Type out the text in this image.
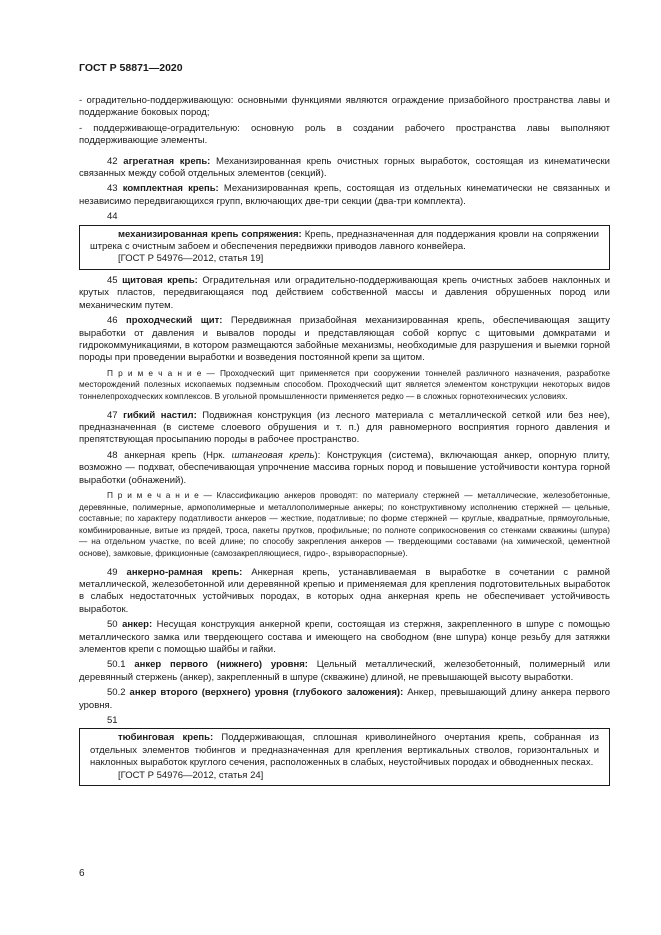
ГОСТ Р 58871—2020

- оградительно-поддерживающую: основными функциями являются ограждение призабойного пространства лавы и поддержание боковых пород;

- поддерживающе-оградительную: основную роль в создании рабочего пространства лавы выполняют поддерживающие элементы.

42 агрегатная крепь: Механизированная крепь очистных горных выработок, состоящая из кинематически связанных между собой отдельных элементов (секций).

43 комплектная крепь: Механизированная крепь, состоящая из отдельных кинематически не связанных и независимо передвигающихся групп, включающих две-три секции (два-три комплекта).

44

механизированная крепь сопряжения: Крепь, предназначенная для поддержания кровли на сопряжении штрека с очистным забоем и обеспечения передвижки приводов лавного конвейера.

[ГОСТ Р 54976—2012, статья 19]

45 щитовая крепь: Оградительная или оградительно-поддерживающая крепь очистных забоев наклонных и крутых пластов, передвигающаяся под действием собственной массы и давления обрушенных пород или механическим путем.

46 проходческий щит: Передвижная призабойная механизированная крепь, обеспечивающая защиту выработки от давления и вывалов породы и представляющая собой корпус с щитовыми домкратами и гидрокоммуникациями, в котором размещаются забойные механизмы, необходимые для разрушения и выемки горной породы при проведении выработки и возведения постоянной крепи за щитом.

П р и м е ч а н и е — Проходческий щит применяется при сооружении тоннелей различного назначения, разработке месторождений полезных ископаемых подземным способом. Проходческий щит является элементом конструкции некоторых видов тоннелепроходческих комплексов. В угольной промышленности применяется редко — в сложных горнотехнических условиях.

47 гибкий настил: Подвижная конструкция (из лесного материала с металлической сеткой или без нее), предназначенная (в системе слоевого обрушения и т. п.) для равномерного восприятия горного давления и препятствующая просыпанию породы в рабочее пространство.

48 анкерная крепь (Нрк. штанговая крепь): Конструкция (система), включающая анкер, опорную плиту, возможно — подхват, обеспечивающая упрочнение массива горных пород и повышение устойчивости контура горной выработки (обнажений).

П р и м е ч а н и е — Классификацию анкеров проводят: по материалу стержней — металлические, железобетонные, деревянные, полимерные, армополимерные и металлополимерные анкеры; по конструктивному исполнению стержней — цельные, составные; по характеру податливости анкеров — жесткие, податливые; по форме стержней — круглые, квадратные, прямоугольные, комбинированные, витые из прядей, троса, пакеты прутков, профильные; по полноте соприкосновения со стенками скважины (шпура) — на отдельном участке, по всей длине; по способу закрепления анкеров — твердеющими составами (на химической, цементной основе), замковые, фрикционные (самозакрепляющиеся, гидро-, взрывораспорные).

49 анкерно-рамная крепь: Анкерная крепь, устанавливаемая в выработке в сочетании с рамной металлической, железобетонной или деревянной крепью и применяемая для крепления подготовительных выработок в слабых недостаточных устойчивых породах, в которых одна анкерная крепь не обеспечивает устойчивость выработок.

50 анкер: Несущая конструкция анкерной крепи, состоящая из стержня, закрепленного в шпуре с помощью металлического замка или твердеющего состава и имеющего на свободном (вне шпура) конце резьбу для затяжки элементов крепи с помощью шайбы и гайки.

50.1 анкер первого (нижнего) уровня: Цельный металлический, железобетонный, полимерный или деревянный стержень (анкер), закрепленный в шпуре (скважине) длиной, не превышающей высоту выработки.

50.2 анкер второго (верхнего) уровня (глубокого заложения): Анкер, превышающий длину анкера первого уровня.

51

тюбинговая крепь: Поддерживающая, сплошная криволинейного очертания крепь, собранная из отдельных элементов тюбингов и предназначенная для крепления вертикальных стволов, горизонтальных и наклонных выработок круглого сечения, расположенных в слабых, неустойчивых породах и обводненных песках.

[ГОСТ Р 54976—2012, статья 24]

6
